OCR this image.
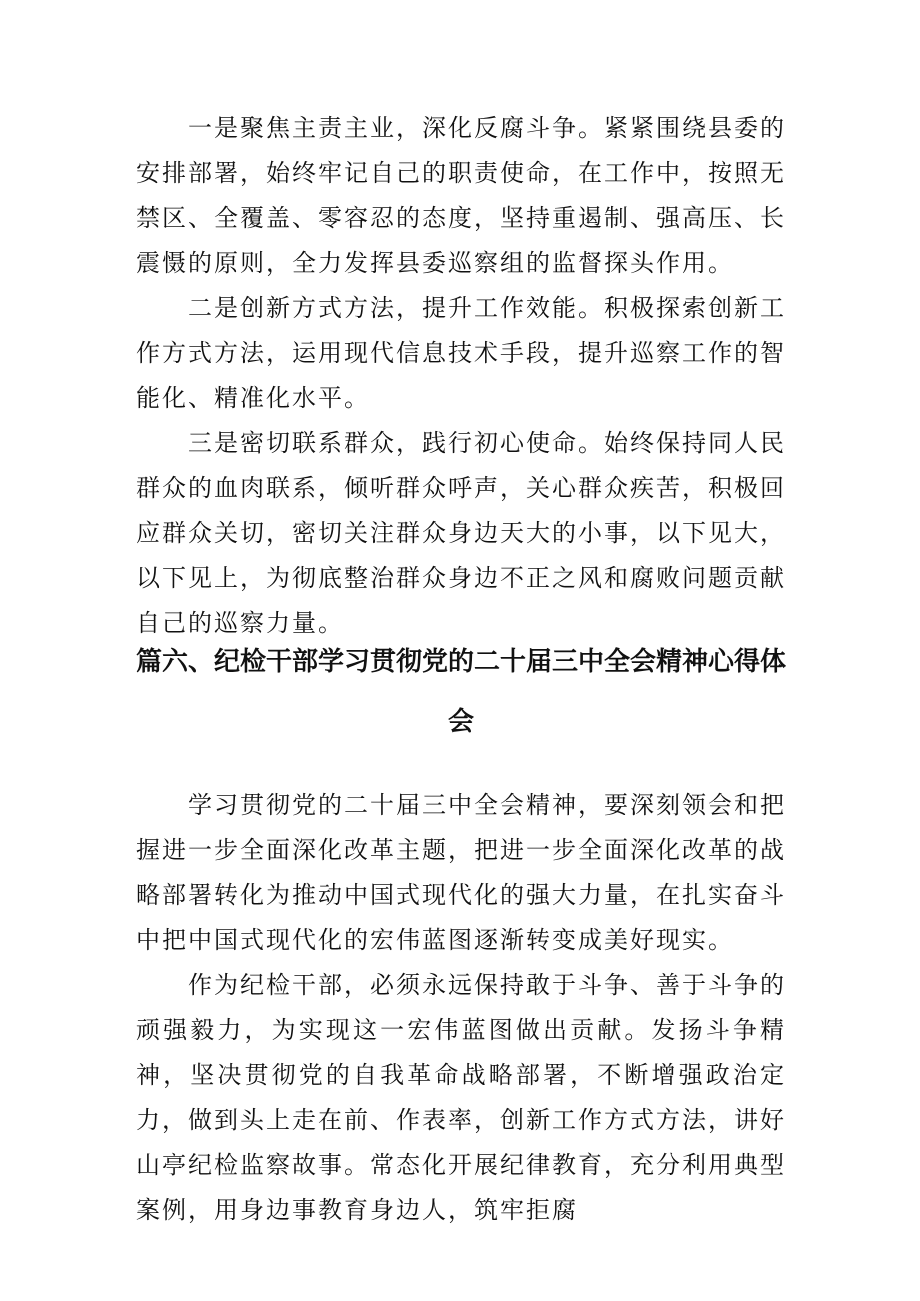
一是聚焦主责主业，深化反腐斗争。紧紧围绕县委的安排部署，始终牢记自己的职责使命，在工作中，按照无禁区、全覆盖、零容忍的态度，坚持重遏制、强高压、长震慑的原则，全力发挥县委巡察组的监督探头作用。

二是创新方式方法，提升工作效能。积极探索创新工作方式方法，运用现代信息技术手段，提升巡察工作的智能化、精准化水平。

三是密切联系群众，践行初心使命。始终保持同人民群众的血肉联系，倾听群众呼声，关心群众疾苦，积极回应群众关切，密切关注群众身边天大的小事，以下见大，以下见上，为彻底整治群众身边不正之风和腐败问题贡献自己的巡察力量。

篇六、纪检干部学习贯彻党的二十届三中全会精神心得体
会

学习贯彻党的二十届三中全会精神，要深刻领会和把握进一步全面深化改革主题，把进一步全面深化改革的战略部署转化为推动中国式现代化的强大力量，在扎实奋斗中把中国式现代化的宏伟蓝图逐渐转变成美好现实。

作为纪检干部，必须永远保持敢于斗争、善于斗争的顽强毅力，为实现这一宏伟蓝图做出贡献。发扬斗争精神，坚决贯彻党的自我革命战略部署，不断增强政治定力，做到头上走在前、作表率，创新工作方式方法，讲好山亭纪检监察故事。常态化开展纪律教育，充分利用典型案例，用身边事教育身边人，筑牢拒腐
